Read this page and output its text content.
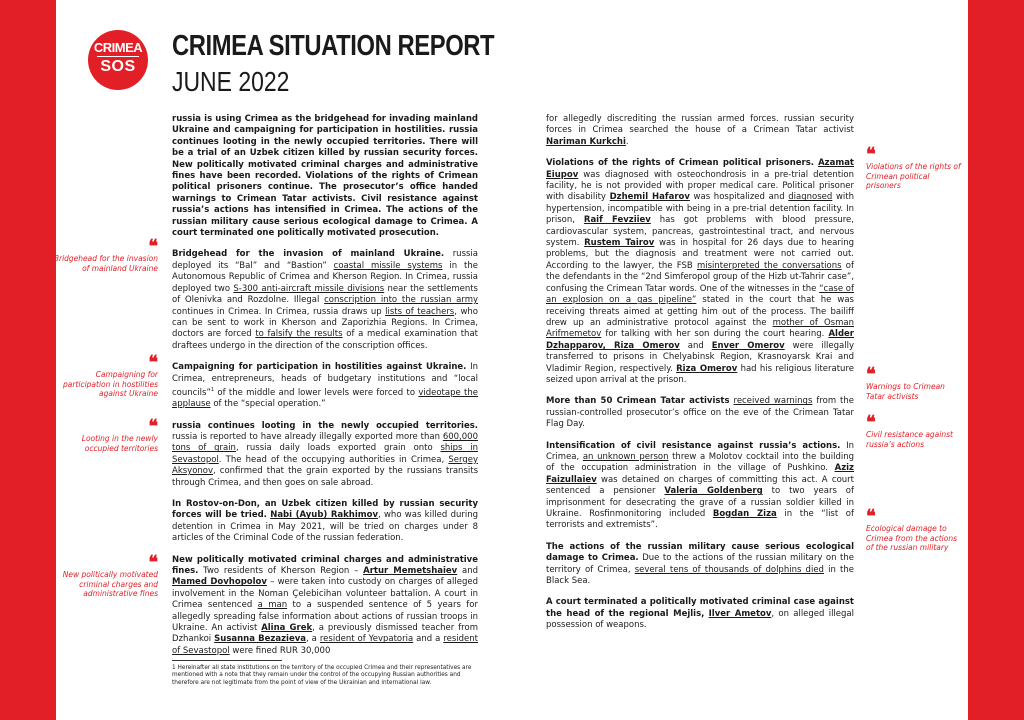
CRIMEA
SOS
CRIMEA SITUATION REPORT
JUNE 2022
❝
Bridgehead for the invasion of mainland Ukraine
❝
Campaigning for participation in hostilities against Ukraine
❝
Looting in the newly occupied territories
❝
New politically motivated criminal charges and administrative fines
❝
Violations of the rights of Crimean political prisoners
❝
Warnings to Crimean Tatar activists
❝
Civil resistance against russia’s actions
❝
Ecological damage to Crimea from the actions of the russian military

russia is using Crimea as the bridgehead for invading mainland Ukraine and campaigning for participation in hostilities. russia continues looting in the newly occupied territories. There will be a trial of an Uzbek citizen killed by russian security forces. New politically motivated criminal charges and administrative fines have been recorded. Violations of the rights of Crimean political prisoners continue. The prosecutor’s office handed warnings to Crimean Tatar activists. Civil resistance against russia’s actions has intensified in Crimea. The actions of the russian military cause serious ecological damage to Crimea. A court terminated one politically motivated prosecution.

Bridgehead for the invasion of mainland Ukraine. russia deployed its “Bal” and “Bastion” coastal missile systems in the Autonomous Republic of Crimea and Kherson Region. In Crimea, russia deployed two S-300 anti-aircraft missile divisions near the settlements of Olenivka and Rozdolne. Illegal conscription into the russian army continues in Crimea. In Crimea, russia draws up lists of teachers, who can be sent to work in Kherson and Zaporizhia Regions. In Crimea, doctors are forced to falsify the results of a medical examination that draftees undergo in the direction of the conscription offices.

Campaigning for participation in hostilities against Ukraine. In Crimea, entrepreneurs, heads of budgetary institutions and “local councils”$^1$ of the middle and lower levels were forced to videotape the applause of the “special operation.”

russia continues looting in the newly occupied territories. russia is reported to have already illegally exported more than 600,000 tons of grain, russia daily loads exported grain onto ships in Sevastopol. The head of the occupying authorities in Crimea, Sergey Aksyonov, confirmed that the grain exported by the russians transits through Crimea, and then goes on sale abroad.

In Rostov-on-Don, an Uzbek citizen killed by russian security forces will be tried. Nabi (Ayub) Rakhimov, who was killed during detention in Crimea in May 2021, will be tried on charges under 8 articles of the Criminal Code of the russian federation.

New politically motivated criminal charges and administrative fines. Two residents of Kherson Region – Artur Memetshaiev and Mamed Dovhopolov – were taken into custody on charges of alleged involvement in the Noman Çelebicihan volunteer battalion. A court in Crimea sentenced a man to a suspended sentence of 5 years for allegedly spreading false information about actions of russian troops in Ukraine. An activist Alina Grek, a previously dismissed teacher from Dzhankoi Susanna Bezazieva, a resident of Yevpatoria and a resident of Sevastopol were fined RUR 30,000

1 Hereinafter all state institutions on the territory of the occupied Crimea and their representatives are mentioned with a note that they remain under the control of the occupying Russian authorities and therefore are not legitimate from the point of view of the Ukrainian and international law.

for allegedly discrediting the russian armed forces. russian security forces in Crimea searched the house of a Crimean Tatar activist Nariman Kurkchi.

Violations of the rights of Crimean political prisoners. Azamat Eiupov was diagnosed with osteochondrosis in a pre-trial detention facility, he is not provided with proper medical care. Political prisoner with disability Dzhemil Hafarov was hospitalized and diagnosed with hypertension, incompatible with being in a pre-trial detention facility. In prison, Raif Fevziiev has got problems with blood pressure, cardiovascular system, pancreas, gastrointestinal tract, and nervous system. Rustem Tairov was in hospital for 26 days due to hearing problems, but the diagnosis and treatment were not carried out. According to the lawyer, the FSB misinterpreted the conversations of the defendants in the “2nd Simferopol group of the Hizb ut-Tahrir case”, confusing the Crimean Tatar words. One of the witnesses in the “case of an explosion on a gas pipeline” stated in the court that he was receiving threats aimed at getting him out of the process. The bailiff drew up an administrative protocol against the mother of Osman Arifmemetov for talking with her son during the court hearing. Alder Dzhapparov, Riza Omerov and Enver Omerov were illegally transferred to prisons in Chelyabinsk Region, Krasnoyarsk Krai and Vladimir Region, respectively. Riza Omerov had his religious literature seized upon arrival at the prison.

More than 50 Crimean Tatar activists received warnings from the russian-controlled prosecutor’s office on the eve of the Crimean Tatar Flag Day.

Intensification of civil resistance against russia’s actions. In Crimea, an unknown person threw a Molotov cocktail into the building of the occupation administration in the village of Pushkino. Aziz Faizullaiev was detained on charges of committing this act. A court sentenced a pensioner Valeria Goldenberg to two years of imprisonment for desecrating the grave of a russian soldier killed in Ukraine. Rosfinmonitoring included Bogdan Ziza in the “list of terrorists and extremists”.

The actions of the russian military cause serious ecological damage to Crimea. Due to the actions of the russian military on the territory of Crimea, several tens of thousands of dolphins died in the Black Sea.

A court terminated a politically motivated criminal case against the head of the regional Mejlis, Ilver Ametov, on alleged illegal possession of weapons.
